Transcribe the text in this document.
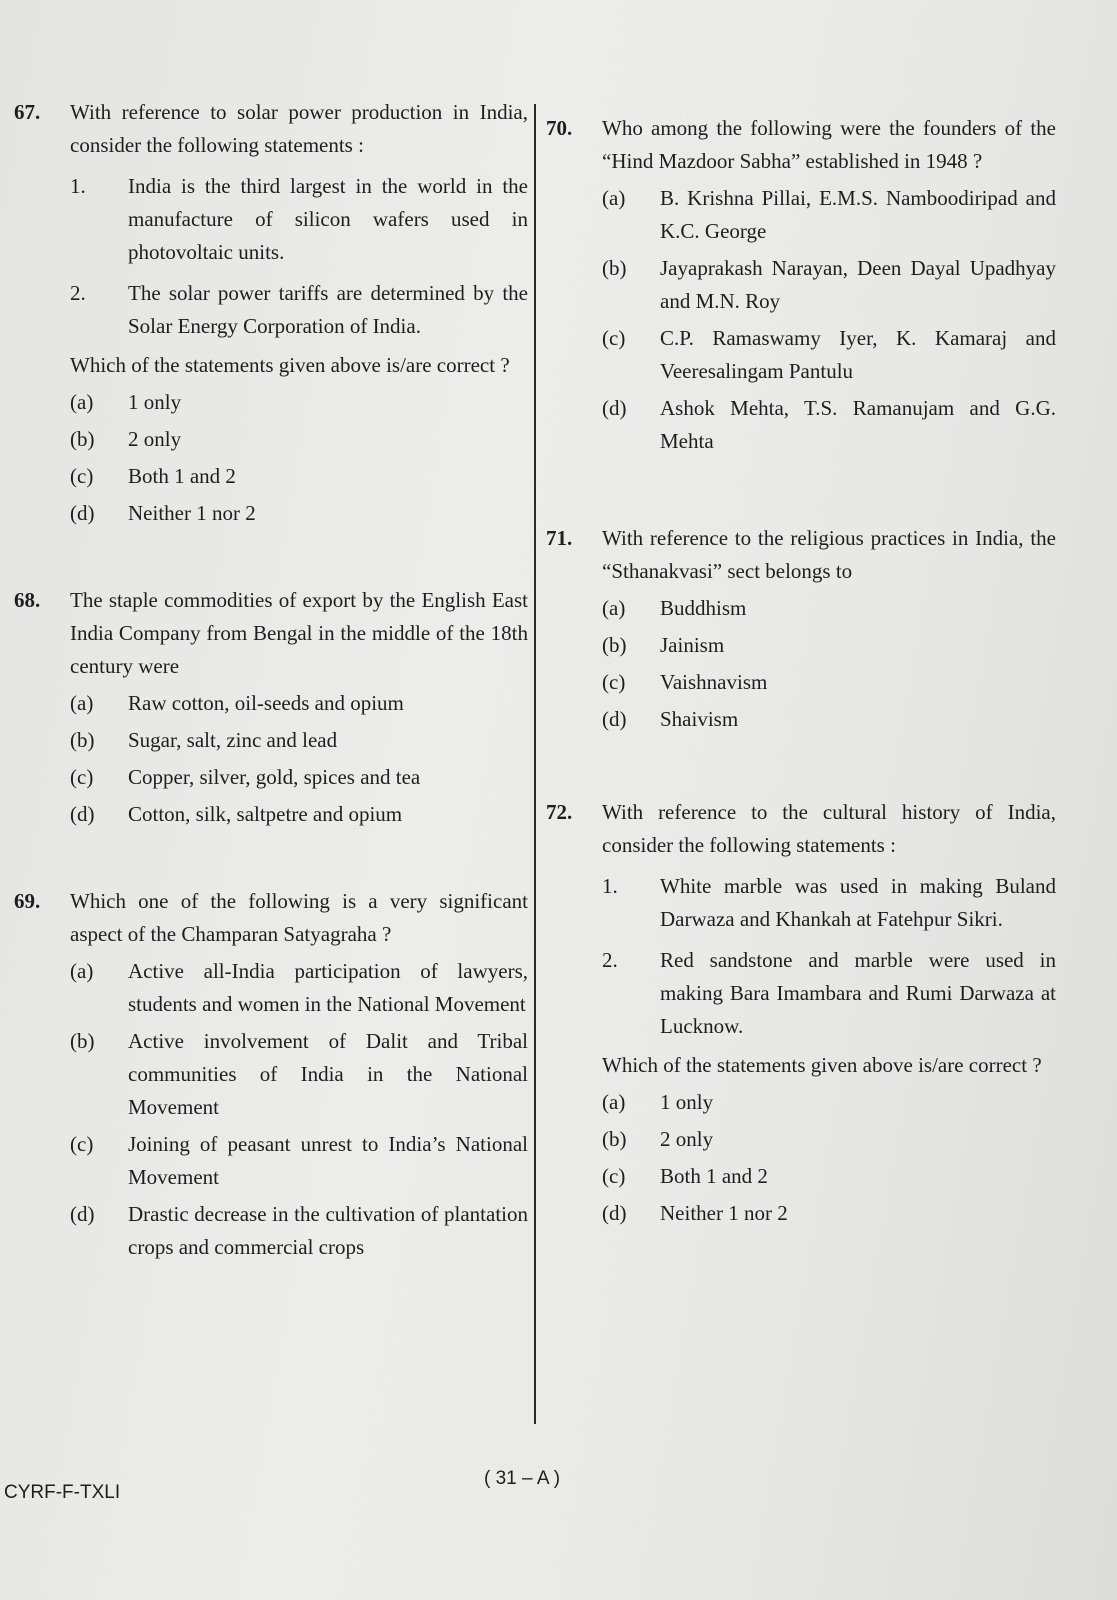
67.	With reference to solar power production in India, consider the following statements :
1.	India is the third largest in the world in the manufacture of silicon wafers used in photovoltaic units.
2.	The solar power tariffs are determined by the Solar Energy Corporation of India.
Which of the statements given above is/are correct ?
(a)	1 only
(b)	2 only
(c)	Both 1 and 2
(d)	Neither 1 nor 2
68.	The staple commodities of export by the English East India Company from Bengal in the middle of the 18th century were
(a)	Raw cotton, oil-seeds and opium
(b)	Sugar, salt, zinc and lead
(c)	Copper, silver, gold, spices and tea
(d)	Cotton, silk, saltpetre and opium
69.	Which one of the following is a very significant aspect of the Champaran Satyagraha ?
(a)	Active all-India participation of lawyers, students and women in the National Movement
(b)	Active involvement of Dalit and Tribal communities of India in the National Movement
(c)	Joining of peasant unrest to India’s National Movement
(d)	Drastic decrease in the cultivation of plantation crops and commercial crops
70.	Who among the following were the founders of the “Hind Mazdoor Sabha” established in 1948 ?
(a)	B. Krishna Pillai, E.M.S. Namboodiripad and K.C. George
(b)	Jayaprakash Narayan, Deen Dayal Upadhyay and M.N. Roy
(c)	C.P. Ramaswamy Iyer, K. Kamaraj and Veeresalingam Pantulu
(d)	Ashok Mehta, T.S. Ramanujam and G.G. Mehta
71.	With reference to the religious practices in India, the “Sthanakvasi” sect belongs to
(a)	Buddhism
(b)	Jainism
(c)	Vaishnavism
(d)	Shaivism
72.	With reference to the cultural history of India, consider the following statements :
1.	White marble was used in making Buland Darwaza and Khankah at Fatehpur Sikri.
2.	Red sandstone and marble were used in making Bara Imambara and Rumi Darwaza at Lucknow.
Which of the statements given above is/are correct ?
(a)	1 only
(b)	2 only
(c)	Both 1 and 2
(d)	Neither 1 nor 2
CYRF-F-TXLI
( 31 – A )
